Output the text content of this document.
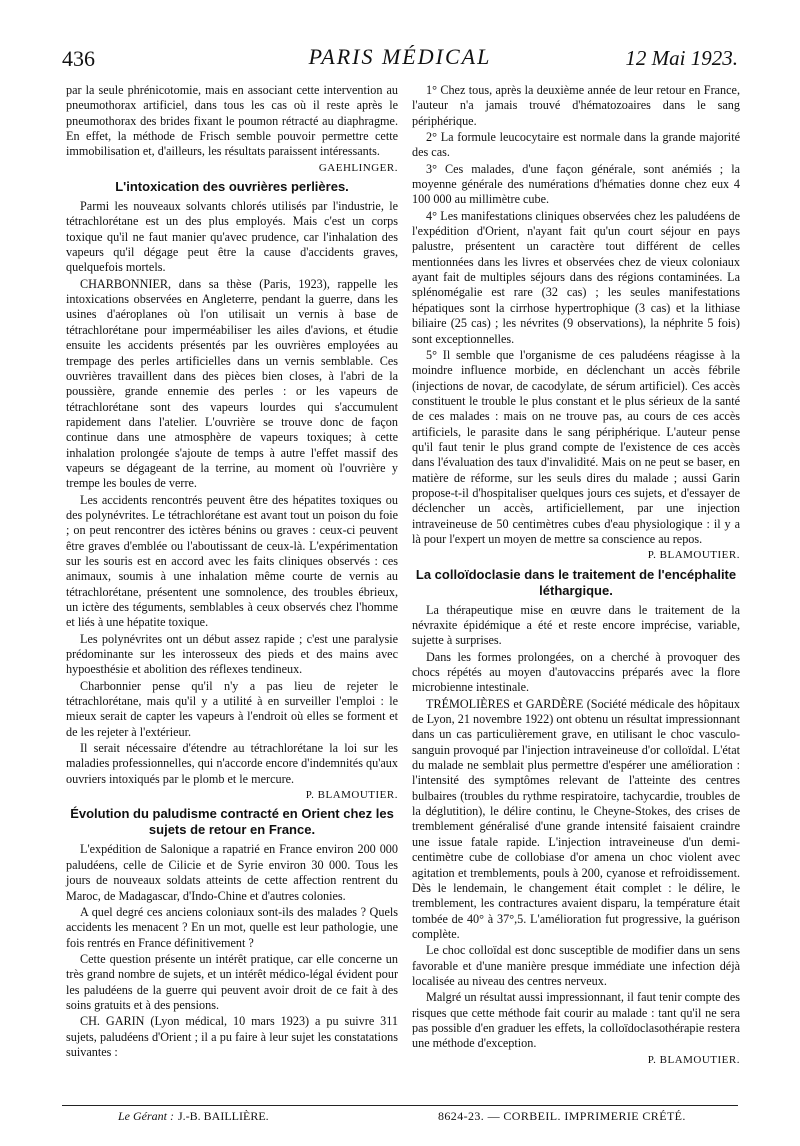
436	PARIS MÉDICAL	12 Mai 1923.

par la seule phrénicotomie, mais en associant cette intervention au pneumothorax artificiel, dans tous les cas où il reste après le pneumothorax des brides fixant le poumon rétracté au diaphragme. En effet, la méthode de Frisch semble pouvoir permettre cette immobilisation et, d'ailleurs, les résultats paraissent intéressants.

GAEHLINGER.
L'intoxication des ouvrières perlières.

Parmi les nouveaux solvants chlorés utilisés par l'industrie, le tétrachlorétane est un des plus employés. Mais c'est un corps toxique qu'il ne faut manier qu'avec prudence, car l'inhalation des vapeurs qu'il dégage peut être la cause d'accidents graves, quelquefois mortels.

CHARBONNIER, dans sa thèse (Paris, 1923), rappelle les intoxications observées en Angleterre, pendant la guerre, dans les usines d'aéroplanes où l'on utilisait un vernis à base de tétrachlorétane pour imperméabiliser les ailes d'avions, et étudie ensuite les accidents présentés par les ouvrières employées au trempage des perles artificielles dans un vernis semblable. Ces ouvrières travaillent dans des pièces bien closes, à l'abri de la poussière, grande ennemie des perles : or les vapeurs de tétrachlorétane sont des vapeurs lourdes qui s'accumulent rapidement dans l'atelier. L'ouvrière se trouve donc de façon continue dans une atmosphère de vapeurs toxiques; à cette inhalation prolongée s'ajoute de temps à autre l'effet massif des vapeurs se dégageant de la terrine, au moment où l'ouvrière y trempe les boules de verre.

Les accidents rencontrés peuvent être des hépatites toxiques ou des polynévrites. Le tétrachlorétane est avant tout un poison du foie ; on peut rencontrer des ictères bénins ou graves : ceux-ci peuvent être graves d'emblée ou l'aboutissant de ceux-là. L'expérimentation sur les souris est en accord avec les faits cliniques observés : ces animaux, soumis à une inhalation même courte de vernis au tétrachlorétane, présentent une somnolence, des troubles ébrieux, un ictère des téguments, semblables à ceux observés chez l'homme et liés à une hépatite toxique.

Les polynévrites ont un début assez rapide ; c'est une paralysie prédominante sur les interosseux des pieds et des mains avec hypoesthésie et abolition des réflexes tendineux.

Charbonnier pense qu'il n'y a pas lieu de rejeter le tétrachlorétane, mais qu'il y a utilité à en surveiller l'emploi : le mieux serait de capter les vapeurs à l'endroit où elles se forment et de les rejeter à l'extérieur.

Il serait nécessaire d'étendre au tétrachlorétane la loi sur les maladies professionnelles, qui n'accorde encore d'indemnités qu'aux ouvriers intoxiqués par le plomb et le mercure.

P. BLAMOUTIER.
Évolution du paludisme contracté en Orient chez les sujets de retour en France.

L'expédition de Salonique a rapatrié en France environ 200 000 paludéens, celle de Cilicie et de Syrie environ 30 000. Tous les jours de nouveaux soldats atteints de cette affection rentrent du Maroc, de Madagascar, d'Indo-Chine et d'autres colonies.

A quel degré ces anciens coloniaux sont-ils des malades ? Quels accidents les menacent ? En un mot, quelle est leur pathologie, une fois rentrés en France définitivement ?

Cette question présente un intérêt pratique, car elle concerne un très grand nombre de sujets, et un intérêt médico-légal évident pour les paludéens de la guerre qui peuvent avoir droit de ce fait à des soins gratuits et à des pensions.

CH. GARIN (Lyon médical, 10 mars 1923) a pu suivre 311 sujets, paludéens d'Orient ; il a pu faire à leur sujet les constatations suivantes :

1° Chez tous, après la deuxième année de leur retour en France, l'auteur n'a jamais trouvé d'hématozoaires dans le sang périphérique.

2° La formule leucocytaire est normale dans la grande majorité des cas.

3° Ces malades, d'une façon générale, sont anémiés ; la moyenne générale des numérations d'hématies donne chez eux 4 100 000 au millimètre cube.

4° Les manifestations cliniques observées chez les paludéens de l'expédition d'Orient, n'ayant fait qu'un court séjour en pays palustre, présentent un caractère tout différent de celles mentionnées dans les livres et observées chez de vieux coloniaux ayant fait de multiples séjours dans des régions contaminées. La splénomégalie est rare (32 cas) ; les seules manifestations hépatiques sont la cirrhose hypertrophique (3 cas) et la lithiase biliaire (25 cas) ; les névrites (9 observations), la néphrite 5 fois) sont exceptionnelles.

5° Il semble que l'organisme de ces paludéens réagisse à la moindre influence morbide, en déclenchant un accès fébrile (injections de novar, de cacodylate, de sérum artificiel). Ces accès constituent le trouble le plus constant et le plus sérieux de la santé de ces malades : mais on ne trouve pas, au cours de ces accès artificiels, le parasite dans le sang périphérique. L'auteur pense qu'il faut tenir le plus grand compte de l'existence de ces accès dans l'évaluation des taux d'invalidité. Mais on ne peut se baser, en matière de réforme, sur les seuls dires du malade ; aussi Garin propose-t-il d'hospitaliser quelques jours ces sujets, et d'essayer de déclencher un accès, artificiellement, par une injection intraveineuse de 50 centimètres cubes d'eau physiologique : il y a là pour l'expert un moyen de mettre sa conscience au repos.

P. BLAMOUTIER.
La colloïdoclasie dans le traitement de l'encéphalite léthargique.

La thérapeutique mise en œuvre dans le traitement de la névraxite épidémique a été et reste encore imprécise, variable, sujette à surprises.

Dans les formes prolongées, on a cherché à provoquer des chocs répétés au moyen d'autovaccins préparés avec la flore microbienne intestinale.

TRÉMOLIÈRES et GARDÈRE (Société médicale des hôpitaux de Lyon, 21 novembre 1922) ont obtenu un résultat impressionnant dans un cas particulièrement grave, en utilisant le choc vasculo-sanguin provoqué par l'injection intraveineuse d'or colloïdal. L'état du malade ne semblait plus permettre d'espérer une amélioration : l'intensité des symptômes relevant de l'atteinte des centres bulbaires (troubles du rythme respiratoire, tachycardie, troubles de la déglutition), le délire continu, le Cheyne-Stokes, des crises de tremblement généralisé d'une grande intensité faisaient craindre une issue fatale rapide. L'injection intraveineuse d'un demi-centimètre cube de collobiase d'or amena un choc violent avec agitation et tremblements, pouls à 200, cyanose et refroidissement. Dès le lendemain, le changement était complet : le délire, le tremblement, les contractures avaient disparu, la température était tombée de 40° à 37°,5. L'amélioration fut progressive, la guérison complète.

Le choc colloïdal est donc susceptible de modifier dans un sens favorable et d'une manière presque immédiate une infection déjà localisée au niveau des centres nerveux.

Malgré un résultat aussi impressionnant, il faut tenir compte des risques que cette méthode fait courir au malade : tant qu'il ne sera pas possible d'en graduer les effets, la colloïdoclasothérapie restera une méthode d'exception.

P. BLAMOUTIER.
Le Gérant : J.-B. BAILLIÈRE.	8624-23. — CORBEIL. IMPRIMERIE CRÉTÉ.
